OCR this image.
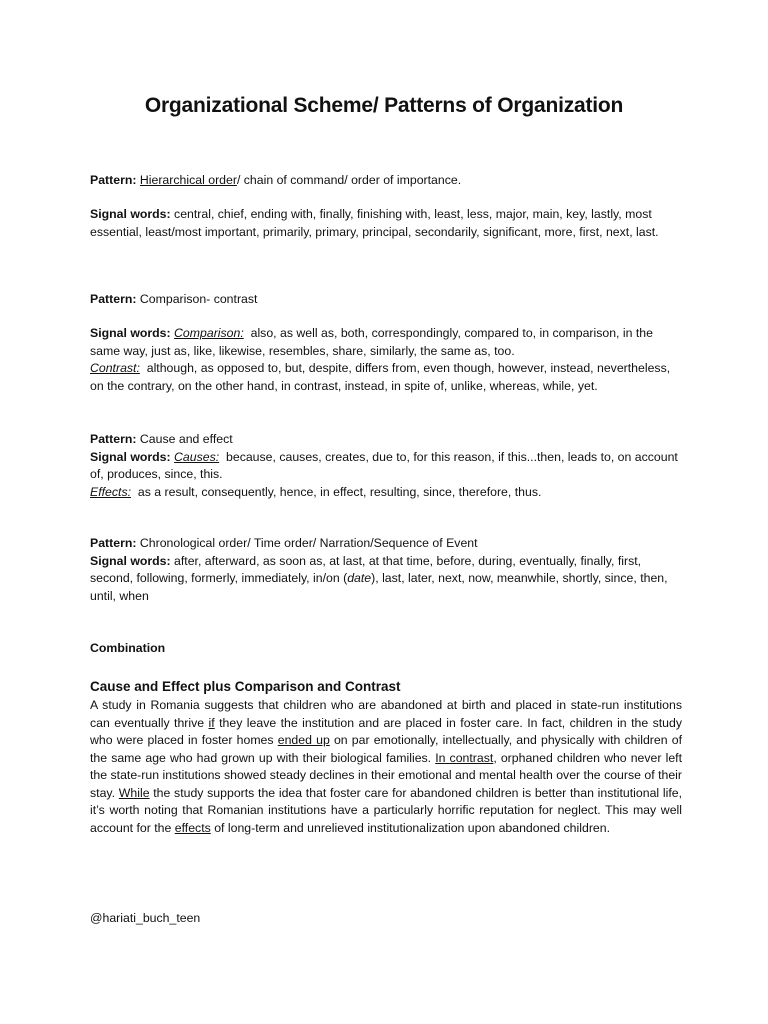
Organizational Scheme/ Patterns of Organization
Pattern: Hierarchical order/ chain of command/ order of importance.
Signal words: central, chief, ending with, finally, finishing with, least, less, major, main, key, lastly, most essential, least/most important, primarily, primary, principal, secondarily, significant, more, first, next, last.
Pattern: Comparison- contrast
Signal words: Comparison: also, as well as, both, correspondingly, compared to, in comparison, in the same way, just as, like, likewise, resembles, share, similarly, the same as, too.
Contrast: although, as opposed to, but, despite, differs from, even though, however, instead, nevertheless, on the contrary, on the other hand, in contrast, instead, in spite of, unlike, whereas, while, yet.
Pattern: Cause and effect
Signal words: Causes: because, causes, creates, due to, for this reason, if this...then, leads to, on account of, produces, since, this.
Effects: as a result, consequently, hence, in effect, resulting, since, therefore, thus.
Pattern: Chronological order/ Time order/ Narration/Sequence of Event
Signal words: after, afterward, as soon as, at last, at that time, before, during, eventually, finally, first, second, following, formerly, immediately, in/on (date), last, later, next, now, meanwhile, shortly, since, then, until, when
Combination
Cause and Effect plus Comparison and Contrast
A study in Romania suggests that children who are abandoned at birth and placed in state-run institutions can eventually thrive if they leave the institution and are placed in foster care. In fact, children in the study who were placed in foster homes ended up on par emotionally, intellectually, and physically with children of the same age who had grown up with their biological families. In contrast, orphaned children who never left the state-run institutions showed steady declines in their emotional and mental health over the course of their stay. While the study supports the idea that foster care for abandoned children is better than institutional life, it’s worth noting that Romanian institutions have a particularly horrific reputation for neglect. This may well account for the effects of long-term and unrelieved institutionalization upon abandoned children.
@hariati_buch_teen
